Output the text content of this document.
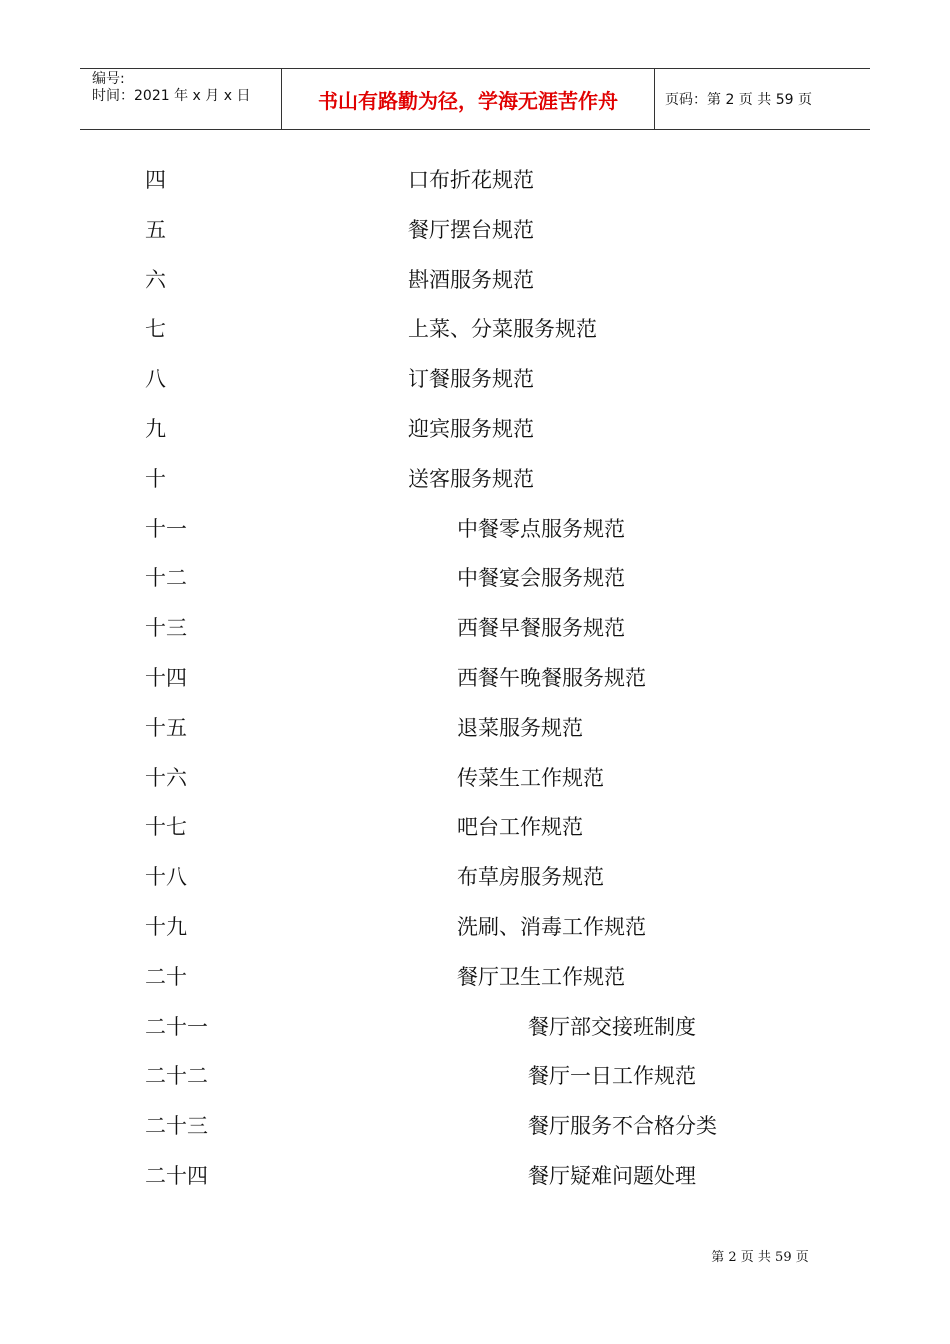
编号:
时间：2021 年 x 月 x 日	书山有路勤为径，学海无涯苦作舟	页码：第 2 页 共 59 页
四	口布折花规范
五	餐厅摆台规范
六	斟酒服务规范
七	上菜、分菜服务规范
八	订餐服务规范
九	迎宾服务规范
十	送客服务规范
十一	中餐零点服务规范
十二	中餐宴会服务规范
十三	西餐早餐服务规范
十四	西餐午晚餐服务规范
十五	退菜服务规范
十六	传菜生工作规范
十七	吧台工作规范
十八	布草房服务规范
十九	洗刷、消毒工作规范
二十	餐厅卫生工作规范
二十一	餐厅部交接班制度
二十二	餐厅一日工作规范
二十三	餐厅服务不合格分类
二十四	餐厅疑难问题处理
第 2 页 共 59 页
